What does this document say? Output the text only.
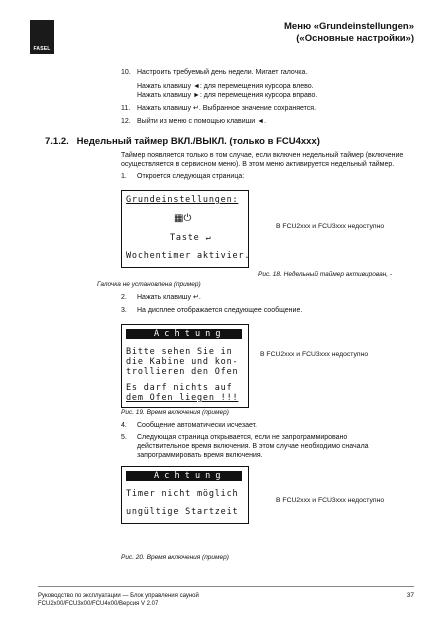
FASEL
Меню «Grundeinstellungen»
(«Основные настройки»)
10. Настроить требуемый день недели. Мигает галочка.
Нажать клавишу ◄: для перемещения курсора влево.
Нажать клавишу ►: для перемещения курсора вправо.
11. Нажать клавишу ↵. Выбранное значение сохраняется.
12. Выйти из меню с помощью клавиши ◄.
7.1.2.   Недельный таймер ВКЛ./ВЫКЛ. (только в FCU4xxx)
Таймер появляется только в том случае, если включен недельный таймер (включение
осуществляется в сервисном меню). В этом меню активируется недельный таймер.
1. Откроется следующая страница:
Grundeinstellungen:
▦⏻
Taste ↵
Wochentimer aktivier.
В FCU2xxx и FCU3xxx недоступно
Рис. 18. Недельный таймер активирован, -
Галочка не установлена (пример)
2. Нажать клавишу ↵.
3. На дисплее отображается следующее сообщение.
A c h t u n g
Bitte sehen Sie in
die Kabine und kon-
trollieren den Ofen
Es darf nichts auf
dem Ofen liegen !!!
В FCU2xxx и FCU3xxx недоступно
Рис. 19. Время включения (пример)
4. Сообщение автоматически исчезает.
5. Следующая страница открывается, если не запрограммировано
действительное время включения. В этом случае необходимо сначала
запрограммировать время включения.
A c h t u n g
Timer nicht möglich
ungültige Startzeit
В FCU2xxx и FCU3xxx недоступно
Рис. 20. Время включения (пример)
Руководство по эксплуатации — Блок управления сауной
FCU2x00/FCU3x00/FCU4x00/Версия V 2.07
37
